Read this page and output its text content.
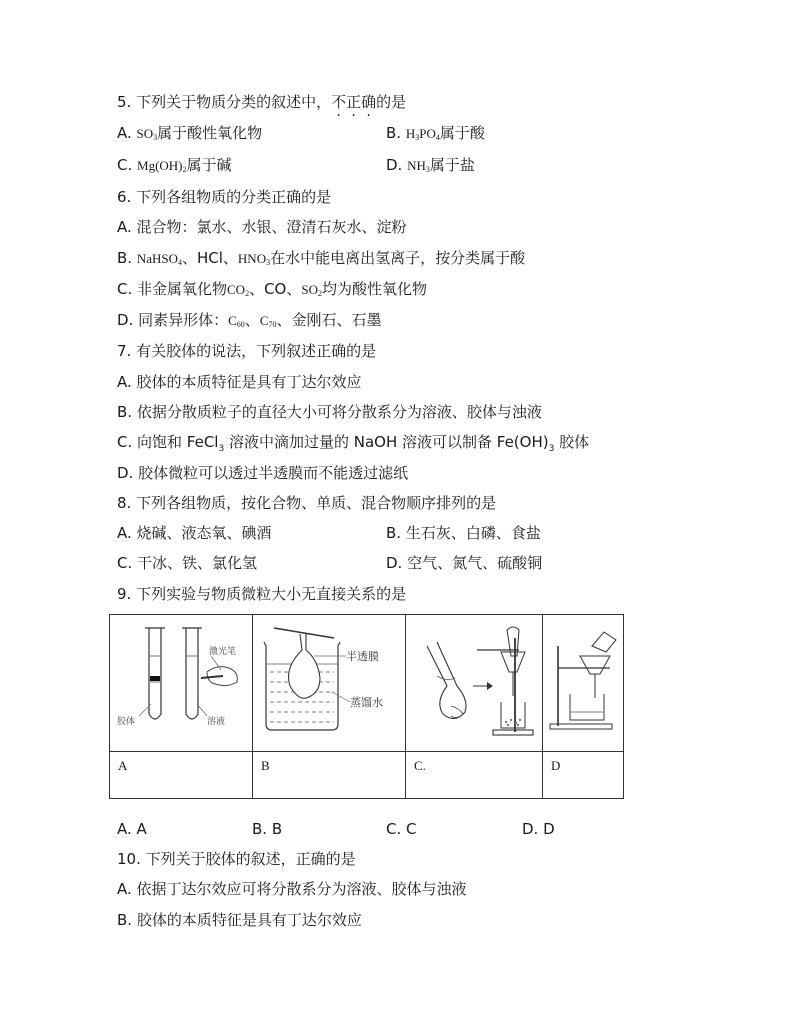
5. 下列关于物质分类的叙述中，不正确的是
A. $SO_3$属于酸性氧化物	B. $H_3PO_4$属于酸
C. $Mg(OH)_2$属于碱	D. $NH_3$属于盐
6. 下列各组物质的分类正确的是
A. 混合物：氯水、水银、澄清石灰水、淀粉
B. NaHSO$_4$、HCl、$HNO_3$在水中能电离出氢离子，按分类属于酸
C. 非金属氧化物$CO_2$、CO、$SO_2$均为酸性氧化物
D. 同素异形体：$C_{60}$、$C_{70}$、金刚石、石墨
7. 有关胶体的说法，下列叙述正确的是
A. 胶体的本质特征是具有丁达尔效应
B. 依据分散质粒子的直径大小可将分散系分为溶液、胶体与浊液
C. 向饱和 FeCl$_3$ 溶液中滴加过量的 NaOH 溶液可以制备 $Fe(OH)_3$ 胶体
D. 胶体微粒可以透过半透膜而不能透过滤纸
8. 下列各组物质，按化合物、单质、混合物顺序排列的是
A. 烧碱、液态氧、碘酒	B. 生石灰、白磷、食盐
C. 干冰、铁、氯化氢	D. 空气、氮气、硫酸铜
9. 下列实验与物质微粒大小无直接关系的是
激光笔
胶体 溶液	半透膜
蒸馏水

A	B	C.	D
A. A	B. B	C. C	D. D
10. 下列关于胶体的叙述，正确的是
A. 依据丁达尔效应可将分散系分为溶液、胶体与浊液
B. 胶体的本质特征是具有丁达尔效应
